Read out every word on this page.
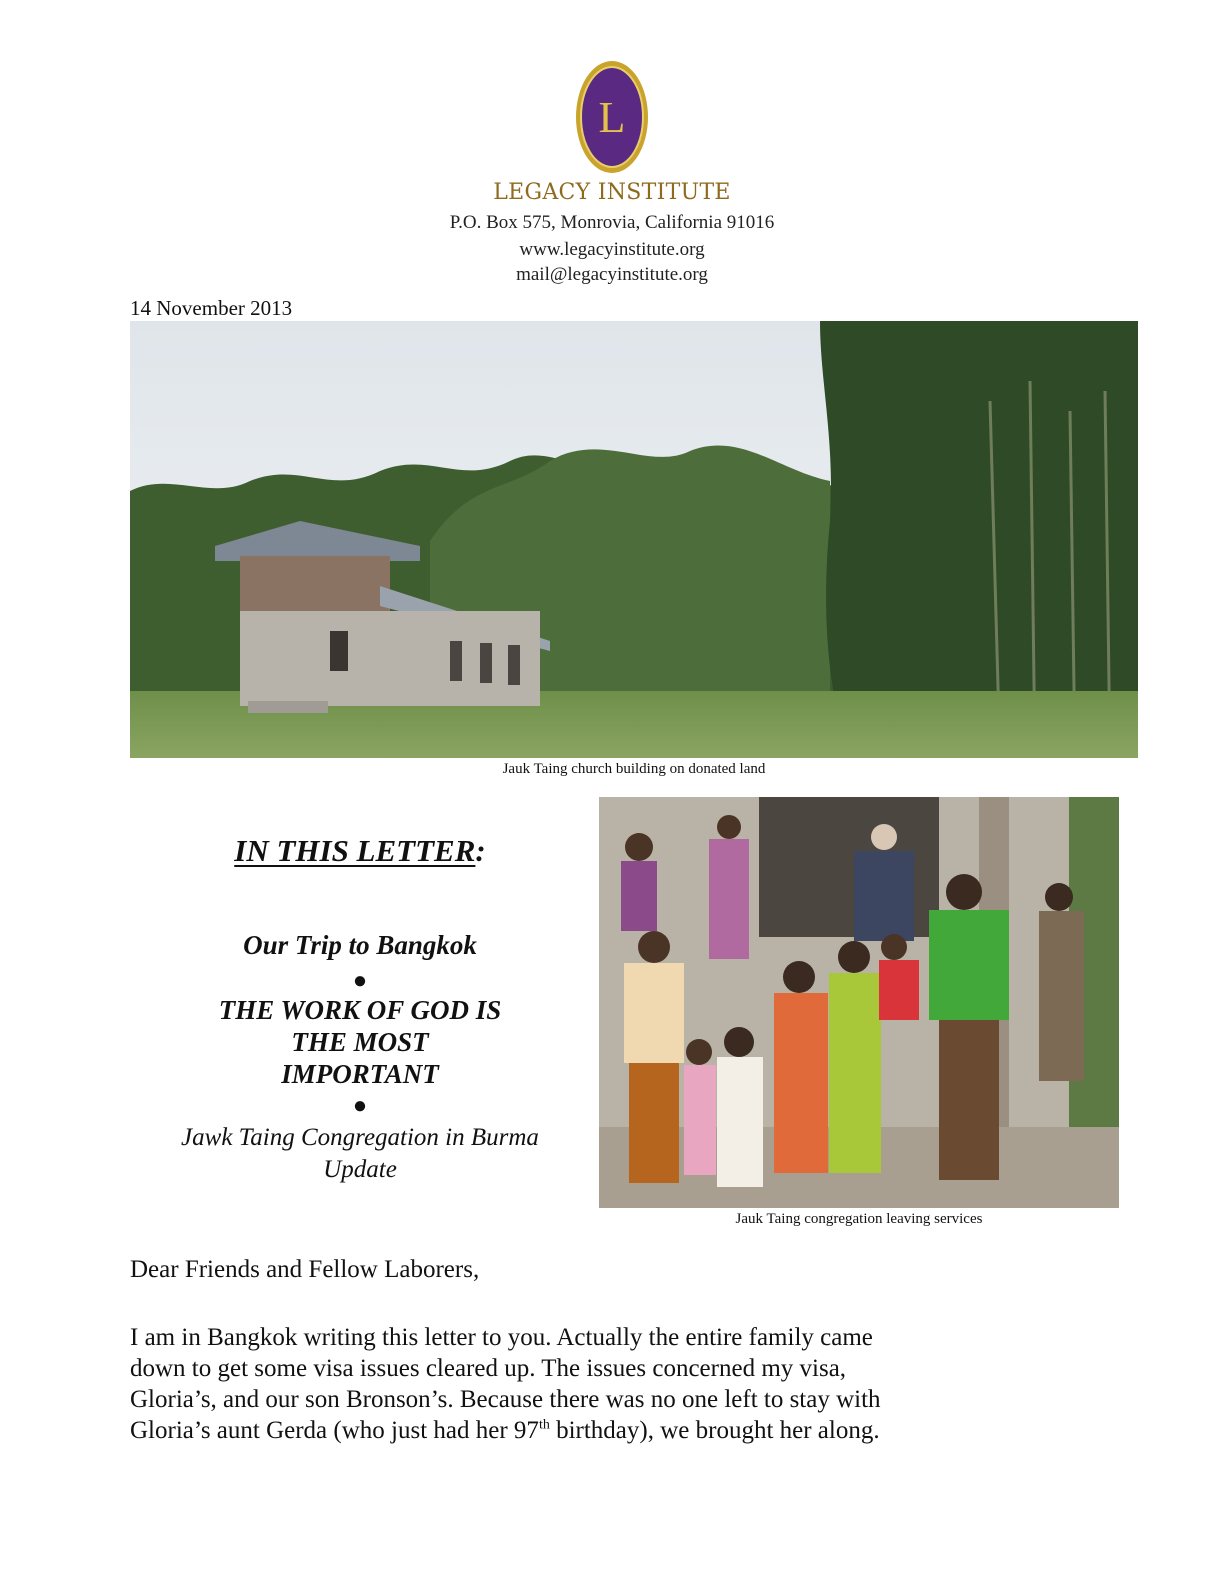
L
LEGACY INSTITUTE
P.O. Box 575, Monrovia, California 91016
www.legacyinstitute.org
mail@legacyinstitute.org
14 November 2013
Jauk Taing church building on donated land
IN THIS LETTER:
Our Trip to Bangkok
●
THE WORK OF GOD IS
THE MOST
IMPORTANT
●
Jawk Taing Congregation in Burma
Update
Jauk Taing congregation leaving services
Dear Friends and Fellow Laborers,
I am in Bangkok writing this letter to you. Actually the entire family came
down to get some visa issues cleared up. The issues concerned my visa,
Gloria’s, and our son Bronson’s. Because there was no one left to stay with
Gloria’s aunt Gerda (who just had her 97th birthday), we brought her along.
